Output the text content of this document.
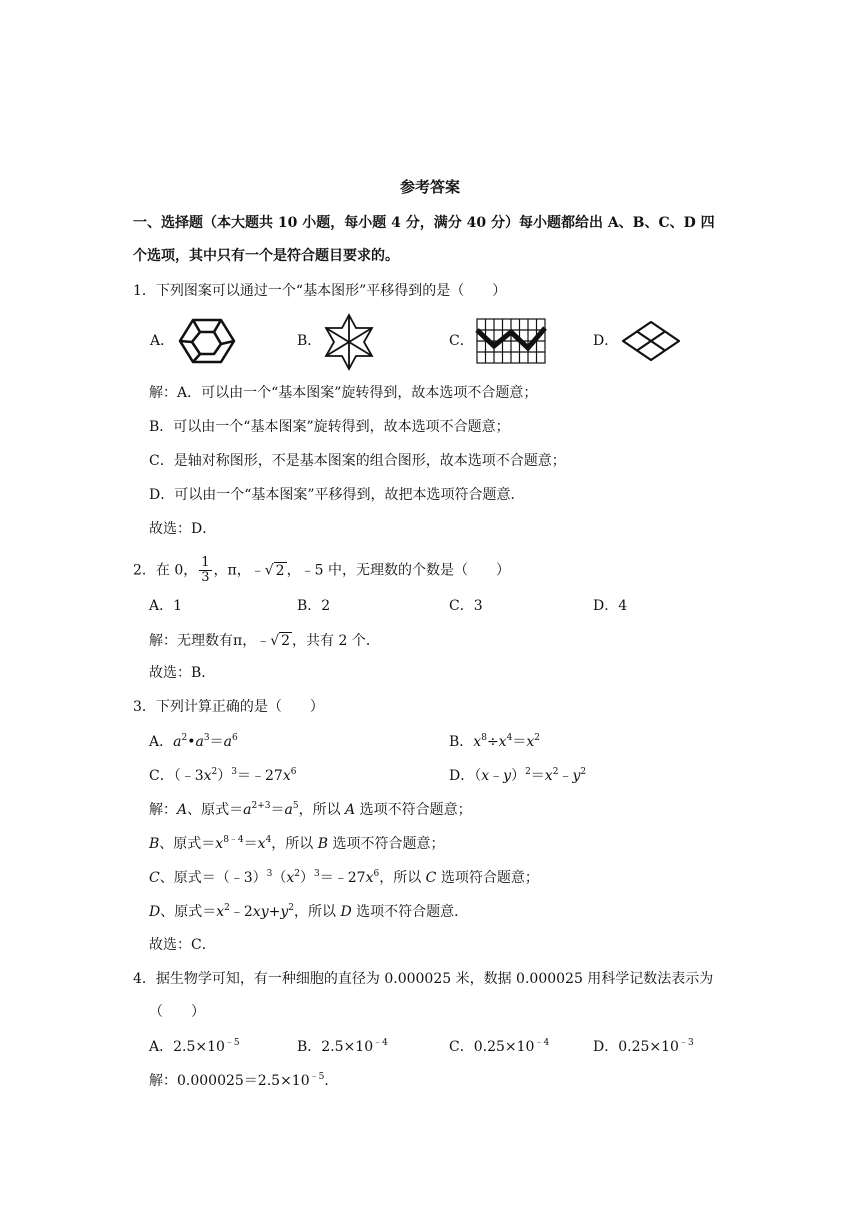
参考答案
一、选择题（本大题共 10 小题，每小题 4 分，满分 40 分）每小题都给出 A、B、C、D 四
个选项，其中只有一个是符合题目要求的。
1．下列图案可以通过一个“基本图形”平移得到的是（　　）
A．	B．	C．	D．
解：A．可以由一个“基本图案”旋转得到，故本选项不合题意；
B．可以由一个“基本图案”旋转得到，故本选项不合题意；
C．是轴对称图形，不是基本图案的组合图形，故本选项不合题意；
D．可以由一个“基本图案”平移得到，故把本选项符合题意．
故选：D．
2．在 0， $\frac{1}{3}$ ，π，﹣√ 2 ，﹣5 中，无理数的个数是（　　）
A．1	B．2	C．3	D．4
解：无理数有π，﹣√ 2 ，共有 2 个．
故选：B．
3．下列计算正确的是（　　）
A．$a^2•a^3=a^6$	B．$x^8\div x^4=x^2$
C．$(﹣3x^2)^3=﹣27x^6$	D．$(x﹣y)^2=x^2﹣y^2$
解：A、原式$=a^{2+3}=a^5$，所以 A 选项不符合题意；
B、原式$=x^{8﹣4}=x^4$，所以 B 选项不符合题意；
C、原式$=(﹣3)^3(x^2)^3=﹣27x^6$，所以 C 选项符合题意；
D、原式$=x^2﹣2xy+y^2$，所以 D 选项不符合题意．
故选：C．
4．据生物学可知，有一种细胞的直径为 0.000025 米，数据 0.000025 用科学记数法表示为
（　　）
A．$2.5\times 10^{﹣5}$	B．$2.5\times 10^{﹣4}$	C．$0.25\times 10^{﹣4}$	D．$0.25\times 10^{﹣3}$
解：$0.000025=2.5\times 10^{﹣5}$．
